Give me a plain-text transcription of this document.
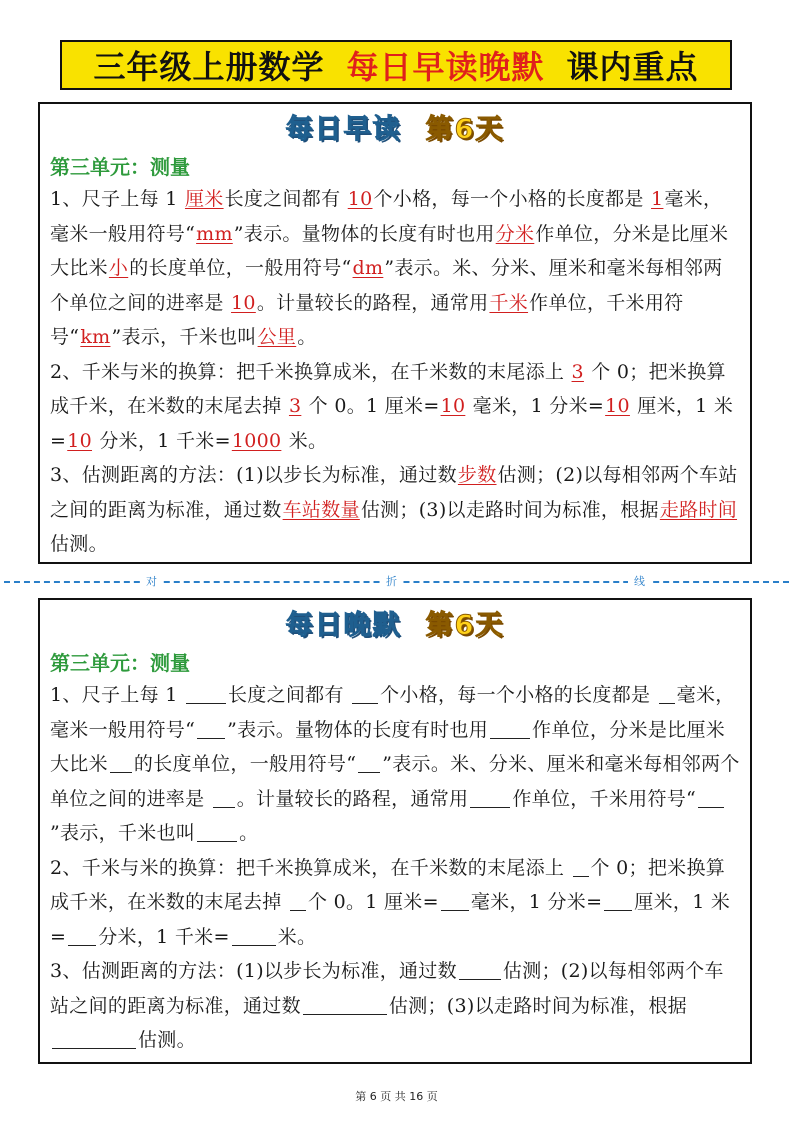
三年级上册数学 每日早读晚默 课内重点
每日早读 第6天
第三单元：测量

1、尺子上每 1 厘米长度之间都有 10个小格，每一个小格的长度都是 1毫米，毫米一般用符号“mm”表示。量物体的长度有时也用分米作单位，分米是比厘米大比米小的长度单位，一般用符号“dm”表示。米、分米、厘米和毫米每相邻两个单位之间的进率是 10。计量较长的路程，通常用千米作单位，千米用符号“km”表示，千米也叫公里。

2、千米与米的换算：把千米换算成米，在千米数的末尾添上 3 个 0；把米换算成千米，在米数的末尾去掉 3 个 0。1 厘米=10 毫米，1 分米=10 厘米，1 米=10 分米，1 千米=1000 米。

3、估测距离的方法：(1)以步长为标准，通过数步数估测；(2)以每相邻两个车站之间的距离为标准，通过数车站数量估测；(3)以走路时间为标准，根据走路时间估测。

对	折	线
每日晚默 第6天
第三单元：测量

1、尺子上每 1 长度之间都有 个小格，每一个小格的长度都是 毫米，毫米一般用符号“ ”表示。量物体的长度有时也用 作单位，分米是比厘米大比米 的长度单位，一般用符号“ ”表示。米、分米、厘米和毫米每相邻两个单位之间的进率是 。计量较长的路程，通常用 作单位，千米用符号“”表示，千米也叫 。

2、千米与米的换算：把千米换算成米，在千米数的末尾添上 个 0；把米换算成千米，在米数的末尾去掉 个 0。1 厘米= 毫米，1 分米= 厘米，1 米= 分米，1 千米=	米。

3、估测距离的方法：(1)以步长为标准，通过数 估测；(2)以每相邻两个车站之间的距离为标准，通过数	估测；(3)以走路时间为标准，根据估测。

第 6 页 共 16 页
